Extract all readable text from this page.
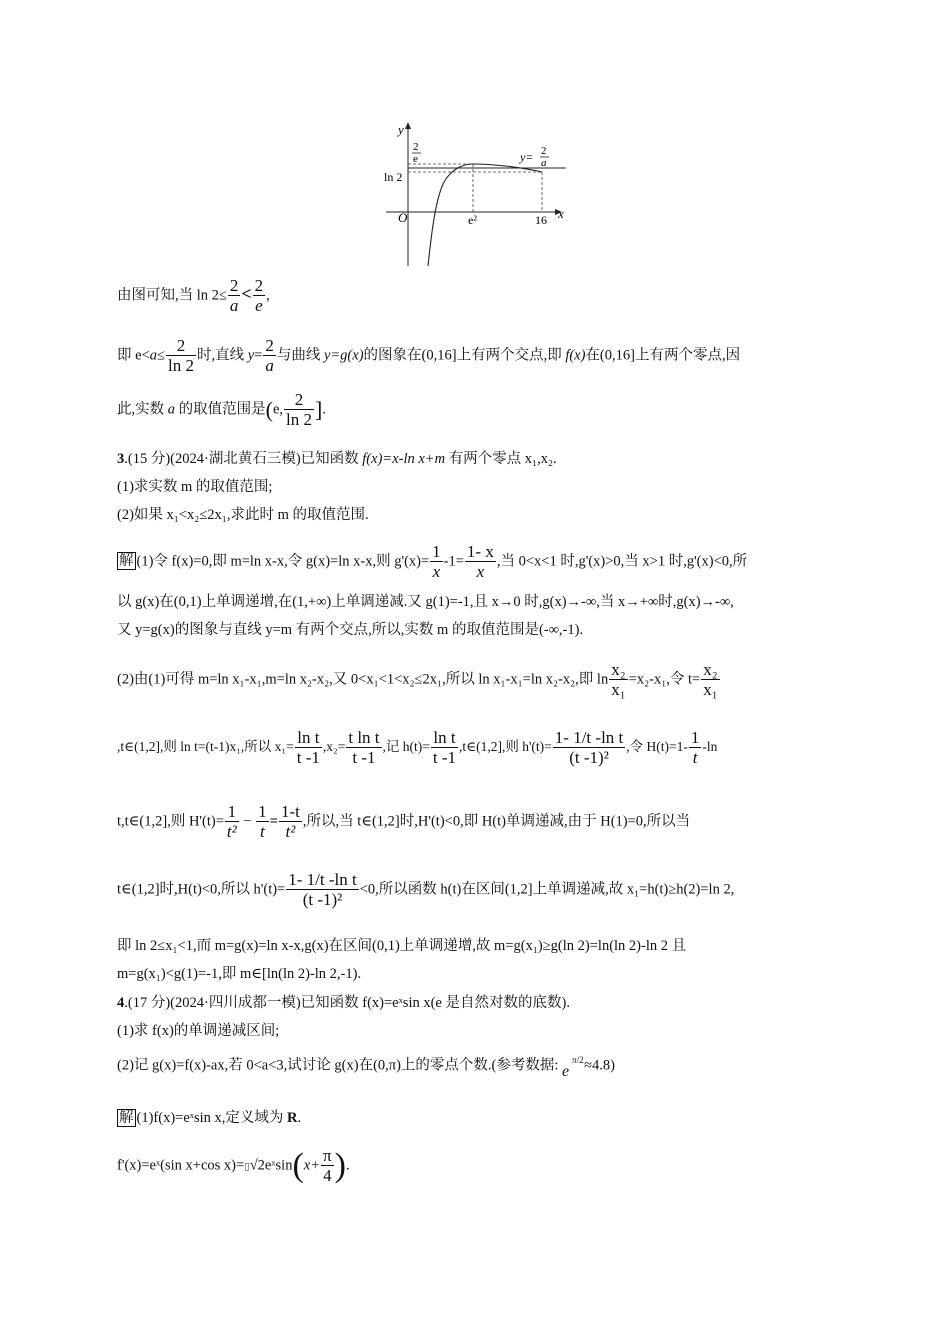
y
x
O
2
e
ln 2
e²	16
y= 2
a
由图可知,当 $\ln 2\le \frac{2}{a} < \frac{2}{e}$ ,
即 $e<a\le \frac{2}{\ln 2}$ 时,直线 $y= \frac{2}{a}$ 与曲线 y=g(x)的图象在(0,16]上有两个交点,即 f(x)在(0,16]上有两个零点,因
此,实数 a 的取值范围是(e, $\frac{2}{\ln 2}$ ].
3.(15 分)(2024·湖北黄石三模)已知函数 f(x)=x-ln x+m 有两个零点 x₁,x₂.
(1)求实数 m 的取值范围;
(2)如果 x₁<x₂≤2x₁,求此时 m 的取值范围.
解 (1)令 f(x)=0,即 m=ln x-x,令 g(x)=ln x-x,则 $g'(x)= \frac{1}{x} -1= \frac{1- x}{x}$ ,当 0<x<1 时,g'(x)>0,当 x>1 时,g'(x)<0,所
以 g(x)在(0,1)上单调递增,在(1,+∞)上单调递减.又 g(1)=-1,且 x→0 时,g(x)→-∞,当 x→+∞时,g(x)→-∞,
又 y=g(x)的图象与直线 y=m 有两个交点,所以,实数 m 的取值范围是(-∞,-1).
(2)由(1)可得 m=ln x₁-x₁,m=ln x₂-x₂,又 0<x₁<1<x₂≤2x₁,所以 ln x₁-x₁=ln x₂-x₂,即 $\ln \frac{\text{x₂}}{\text{x₁}} =x_2-x_1$,令 $t= \frac{\text{x₂}}{\text{x₁}}$
,t∈(1,2],则 ln t=(t-1)x₁,所以 $x_1= \frac{\text{ln t}}{t -1} ,x_2= \frac{\text{t ln t}}{t -1}$ ,记 $h(t)= \frac{\text{ln t}}{t -1}$ ,t∈(1,2],则 $h'(t)= \frac{\text{1- 1/t -ln t}}{\text{(t -1)²}}$ ,令 $H(t)=1- \frac{1}{t} -\ln$
t,t∈(1,2],则 $H'(t)= \frac{1}{\text{t²}} - \frac{1}{t} = \frac{1-t}{\text{t²}}$ ,所以,当 t∈(1,2]时,H'(t)<0,即 H(t)单调递减,由于 H(1)=0,所以当
t∈(1,2]时,H(t)<0,所以 $h'(t)= \frac{\text{1- 1/t -ln t}}{\text{(t -1)²}} <0$,所以函数 h(t)在区间(1,2]上单调递减,故 x₁=h(t)≥h(2)=ln 2,
即 ln 2≤x₁<1,而 m=g(x)=ln x-x,g(x)在区间(0,1)上单调递增,故 m=g(x₁)≥g(ln 2)=ln(ln 2)-ln 2 且
m=g(x₁)<g(1)=-1,即 m∈[ln(ln 2)-ln 2,-1).
4.(17 分)(2024·四川成都一模)已知函数 f(x)=eˣsin x(e 是自然对数的底数).
(1)求 f(x)的单调递减区间;
(2)记 g(x)=f(x)-ax,若 0<a<3,试讨论 g(x)在(0,π)上的零点个数.(参考数据: e
π/2 ≈4.8)
解 (1)f(x)=eˣsin x,定义域为 R.
f'(x)=eˣ(sin x+cos x)=▯√2eˣsin(x+ $\frac{\pi}{4}$ ).
